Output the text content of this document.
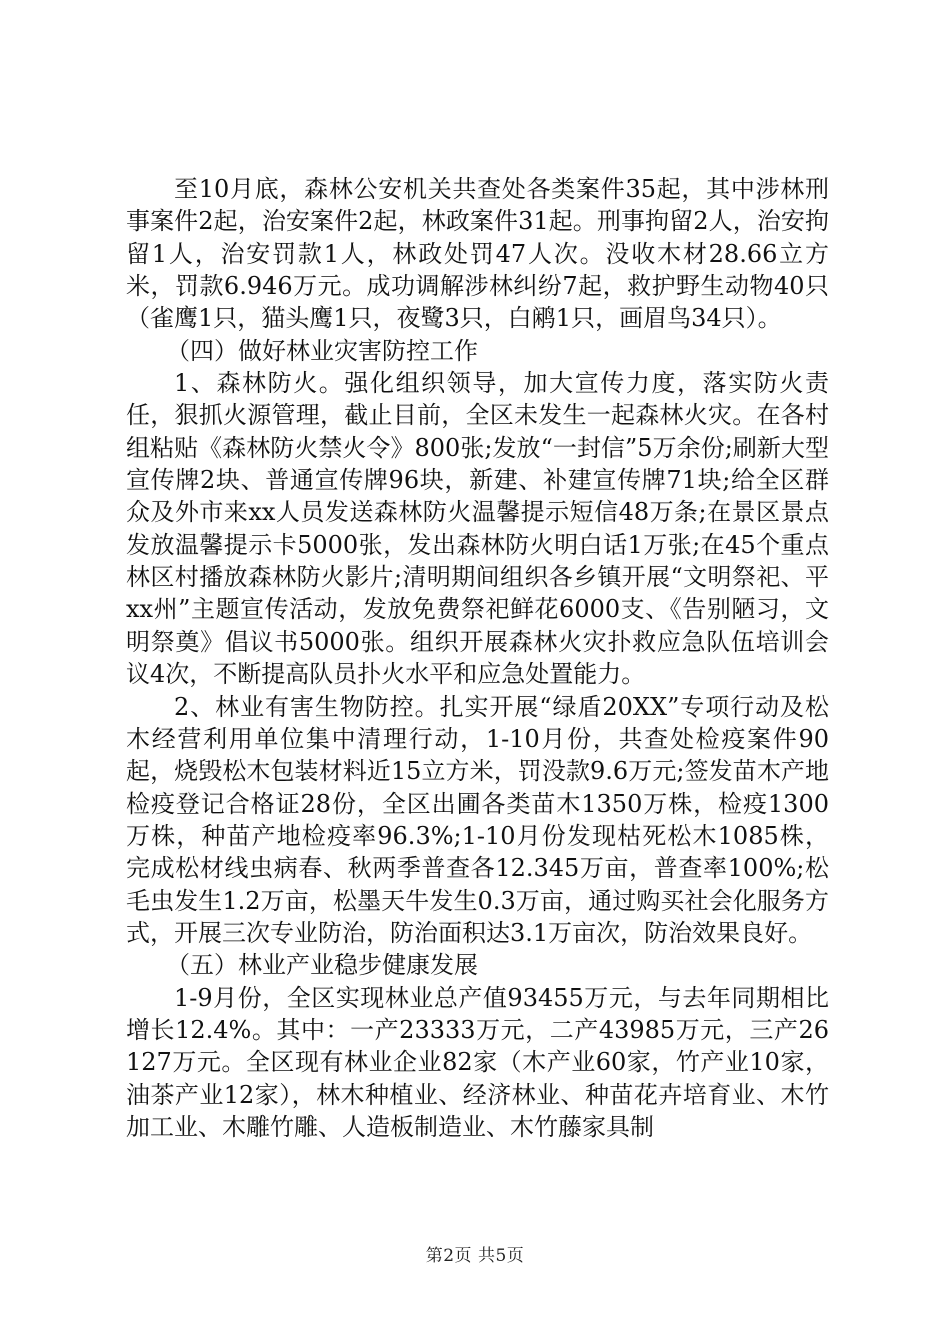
至10月底，森林公安机关共查处各类案件35起，其中涉林刑事案件2起，治安案件2起，林政案件31起。刑事拘留2人，治安拘留1人，治安罚款1人，林政处罚47人次。没收木材28.66立方米，罚款6.946万元。成功调解涉林纠纷7起，救护野生动物40只（雀鹰1只，猫头鹰1只，夜鹭3只，白鹇1只，画眉鸟34只）。

（四）做好林业灾害防控工作

1、森林防火。强化组织领导，加大宣传力度，落实防火责任，狠抓火源管理，截止目前，全区未发生一起森林火灾。在各村组粘贴《森林防火禁火令》800张;发放“一封信”5万余份;刷新大型宣传牌2块、普通宣传牌96块，新建、补建宣传牌71块;给全区群众及外市来xx人员发送森林防火温馨提示短信48万条;在景区景点发放温馨提示卡5000张，发出森林防火明白话1万张;在45个重点林区村播放森林防火影片;清明期间组织各乡镇开展“文明祭祀、平xx州”主题宣传活动，发放免费祭祀鲜花6000支、《告别陋习，文明祭奠》倡议书5000张。组织开展森林火灾扑救应急队伍培训会议4次，不断提高队员扑火水平和应急处置能力。

2、林业有害生物防控。扎实开展“绿盾20XX”专项行动及松木经营利用单位集中清理行动，1-10月份，共查处检疫案件90起，烧毁松木包装材料近15立方米，罚没款9.6万元;签发苗木产地检疫登记合格证28份，全区出圃各类苗木1350万株，检疫1300万株，种苗产地检疫率96.3%;1-10月份发现枯死松木1085株，完成松材线虫病春、秋两季普查各12.345万亩，普查率100%;松毛虫发生1.2万亩，松墨天牛发生0.3万亩，通过购买社会化服务方式，开展三次专业防治，防治面积达3.1万亩次，防治效果良好。

（五）林业产业稳步健康发展

1-9月份，全区实现林业总产值93455万元，与去年同期相比增长12.4%。其中：一产23333万元，二产43985万元，三产26127万元。全区现有林业企业82家（木产业60家，竹产业10家，油茶产业12家），林木种植业、经济林业、种苗花卉培育业、木竹加工业、木雕竹雕、人造板制造业、木竹藤家具制

第2页 共5页
